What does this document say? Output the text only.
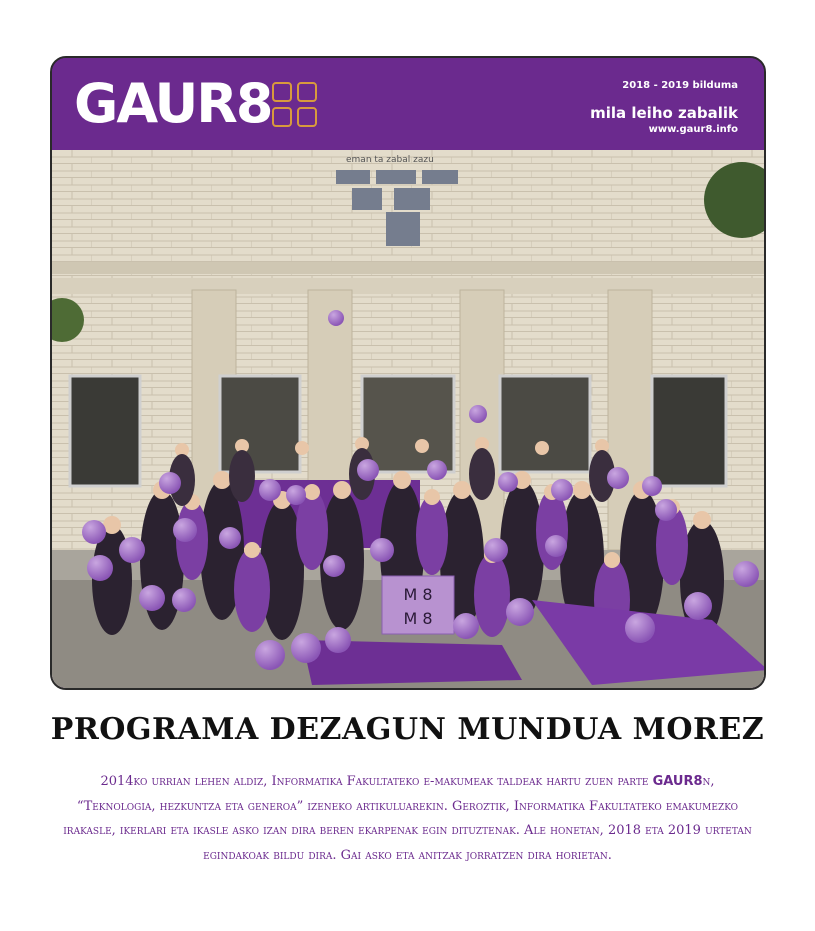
GAUR8	2018 - 2019 bilduma
mila leiho zabalik
www.gaur8.info
eman ta zabal zazu
M 8
M 8
PROGRAMA DEZAGUN MUNDUA MOREZ
2014ko urrian lehen aldiz, Informatika Fakultateko e-makumeak taldeak hartu zuen parte GAUR8n, “Teknologia, hezkuntza eta generoa” izeneko artikuluarekin. Geroztik, Informatika Fakultateko emakumezko irakasle, ikerlari eta ikasle asko izan dira beren ekarpenak egin dituztenak. Ale honetan, 2018 eta 2019 urtetan egindakoak bildu dira. Gai asko eta anitzak jorratzen dira horietan.
